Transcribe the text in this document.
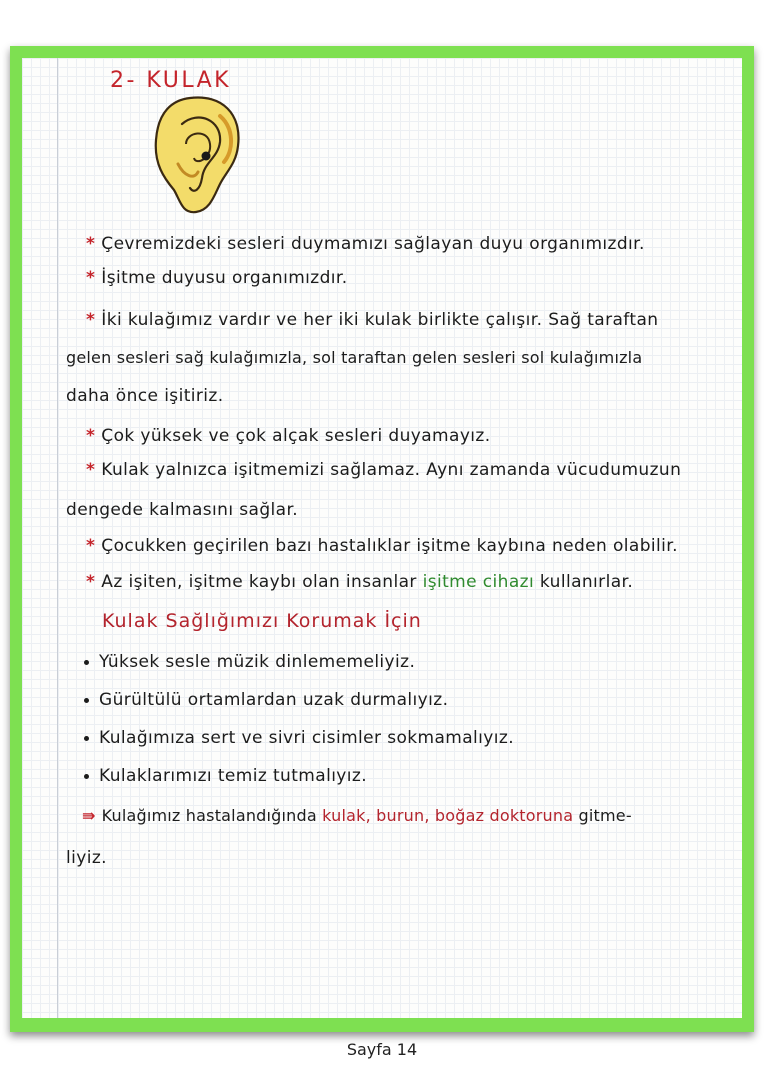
2- KULAK

* Çevremizdeki sesleri duymamızı sağlayan duyu organımızdır.

* İşitme duyusu organımızdır.

* İki kulağımız vardır ve her iki kulak birlikte çalışır. Sağ taraftan

gelen sesleri sağ kulağımızla, sol taraftan gelen sesleri sol kulağımızla

daha önce işitiriz.

* Çok yüksek ve çok alçak sesleri duyamayız.

* Kulak yalnızca işitmemizi sağlamaz. Aynı zamanda vücudumuzun

dengede kalmasını sağlar.

* Çocukken geçirilen bazı hastalıklar işitme kaybına neden olabilir.

* Az işiten, işitme kaybı olan insanlar işitme cihazı kullanırlar.

Kulak Sağlığımızı Korumak İçin

Yüksek sesle müzik dinlememeliyiz.

Gürültülü ortamlardan uzak durmalıyız.

Kulağımıza sert ve sivri cisimler sokmamalıyız.

Kulaklarımızı temiz tutmalıyız.

⇛ Kulağımız hastalandığında kulak, burun, boğaz doktoruna gitme-

liyiz.

Sayfa 14
